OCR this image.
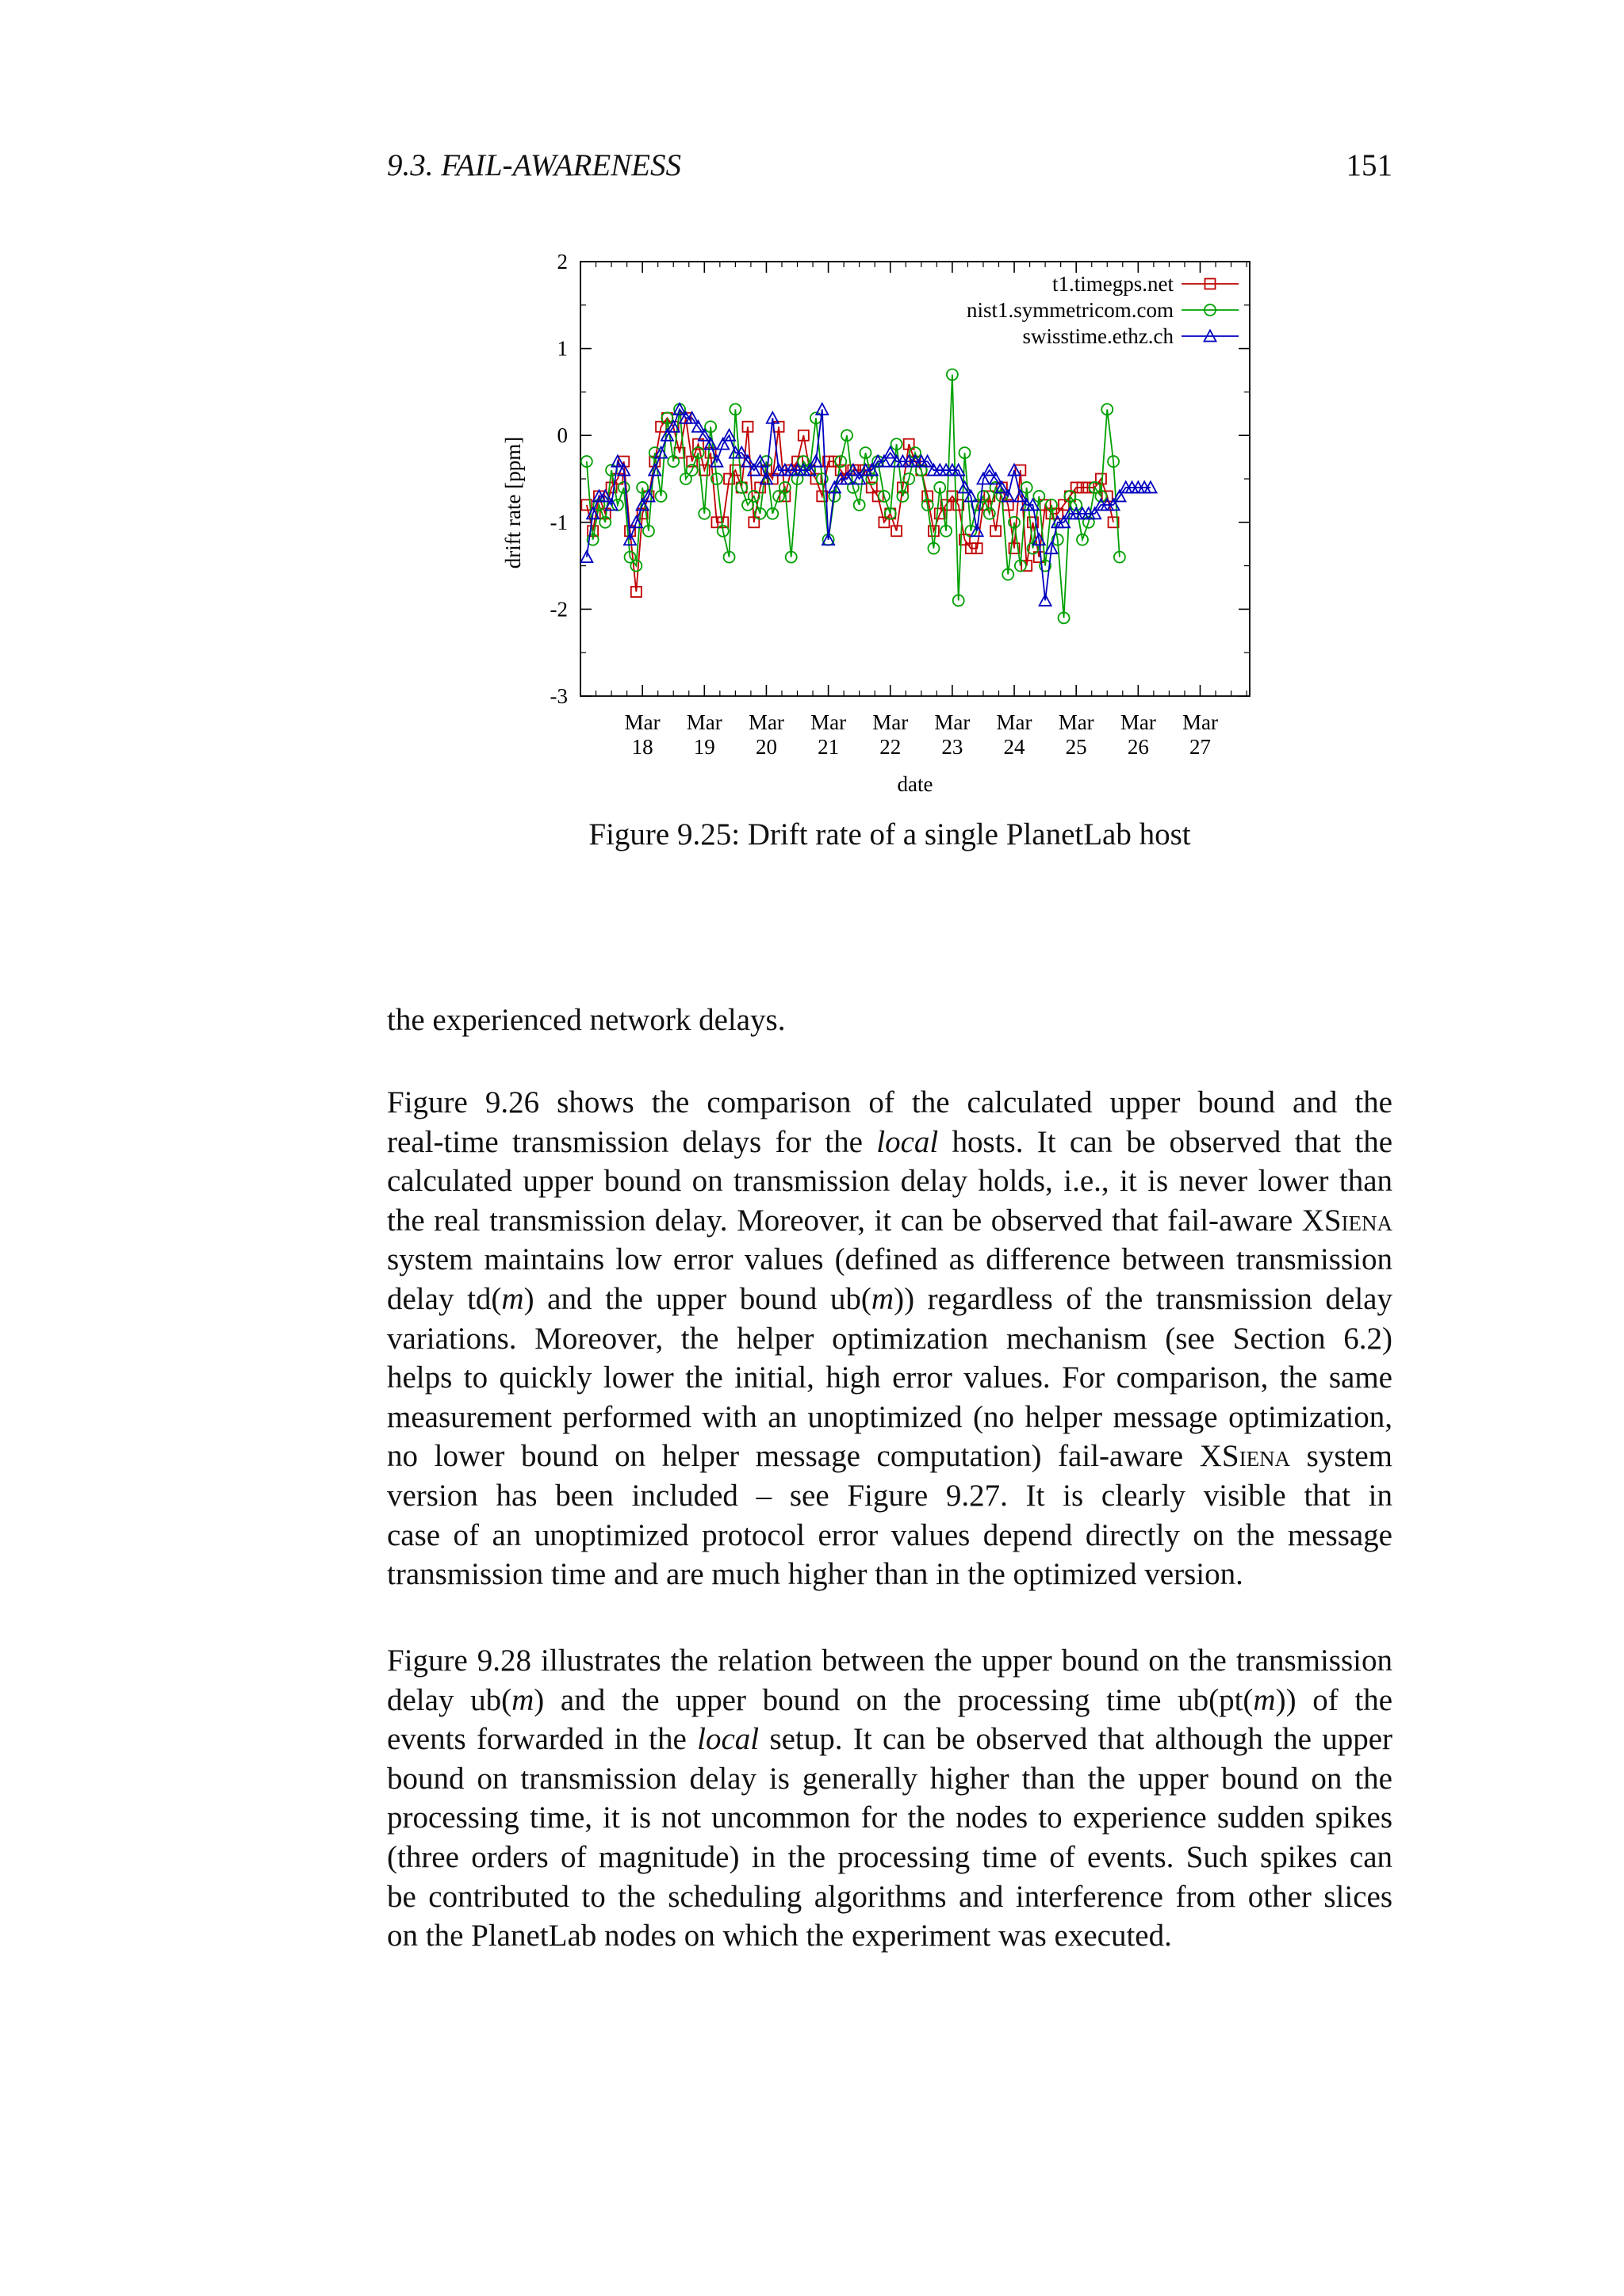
9.3. FAIL-AWARENESS	151
2
1
0
-1
-2
-3
Mar 18
Mar 19
Mar 20
Mar 21
Mar 22
Mar 23
Mar 24
Mar 25
Mar 26
Mar 27
date
drift rate [ppm]
t1.timegps.net
nist1.symmetricom.com
swisstime.ethz.ch
Figure 9.25: Drift rate of a single PlanetLab host
the experienced network delays.
Figure 9.26 shows the comparison of the calculated upper bound and the
real-time transmission delays for the local hosts. It can be observed that the
calculated upper bound on transmission delay holds, i.e., it is never lower than
the real transmission delay. Moreover, it can be observed that fail-aware XSiena
system maintains low error values (defined as difference between transmission
delay td(m) and the upper bound ub(m)) regardless of the transmission delay
variations. Moreover, the helper optimization mechanism (see Section 6.2)
helps to quickly lower the initial, high error values. For comparison, the same
measurement performed with an unoptimized (no helper message optimization,
no lower bound on helper message computation) fail-aware XSiena system
version has been included – see Figure 9.27. It is clearly visible that in
case of an unoptimized protocol error values depend directly on the message
transmission time and are much higher than in the optimized version.
Figure 9.28 illustrates the relation between the upper bound on the transmission
delay ub(m) and the upper bound on the processing time ub(pt(m)) of the
events forwarded in the local setup. It can be observed that although the upper
bound on transmission delay is generally higher than the upper bound on the
processing time, it is not uncommon for the nodes to experience sudden spikes
(three orders of magnitude) in the processing time of events. Such spikes can
be contributed to the scheduling algorithms and interference from other slices
on the PlanetLab nodes on which the experiment was executed.
